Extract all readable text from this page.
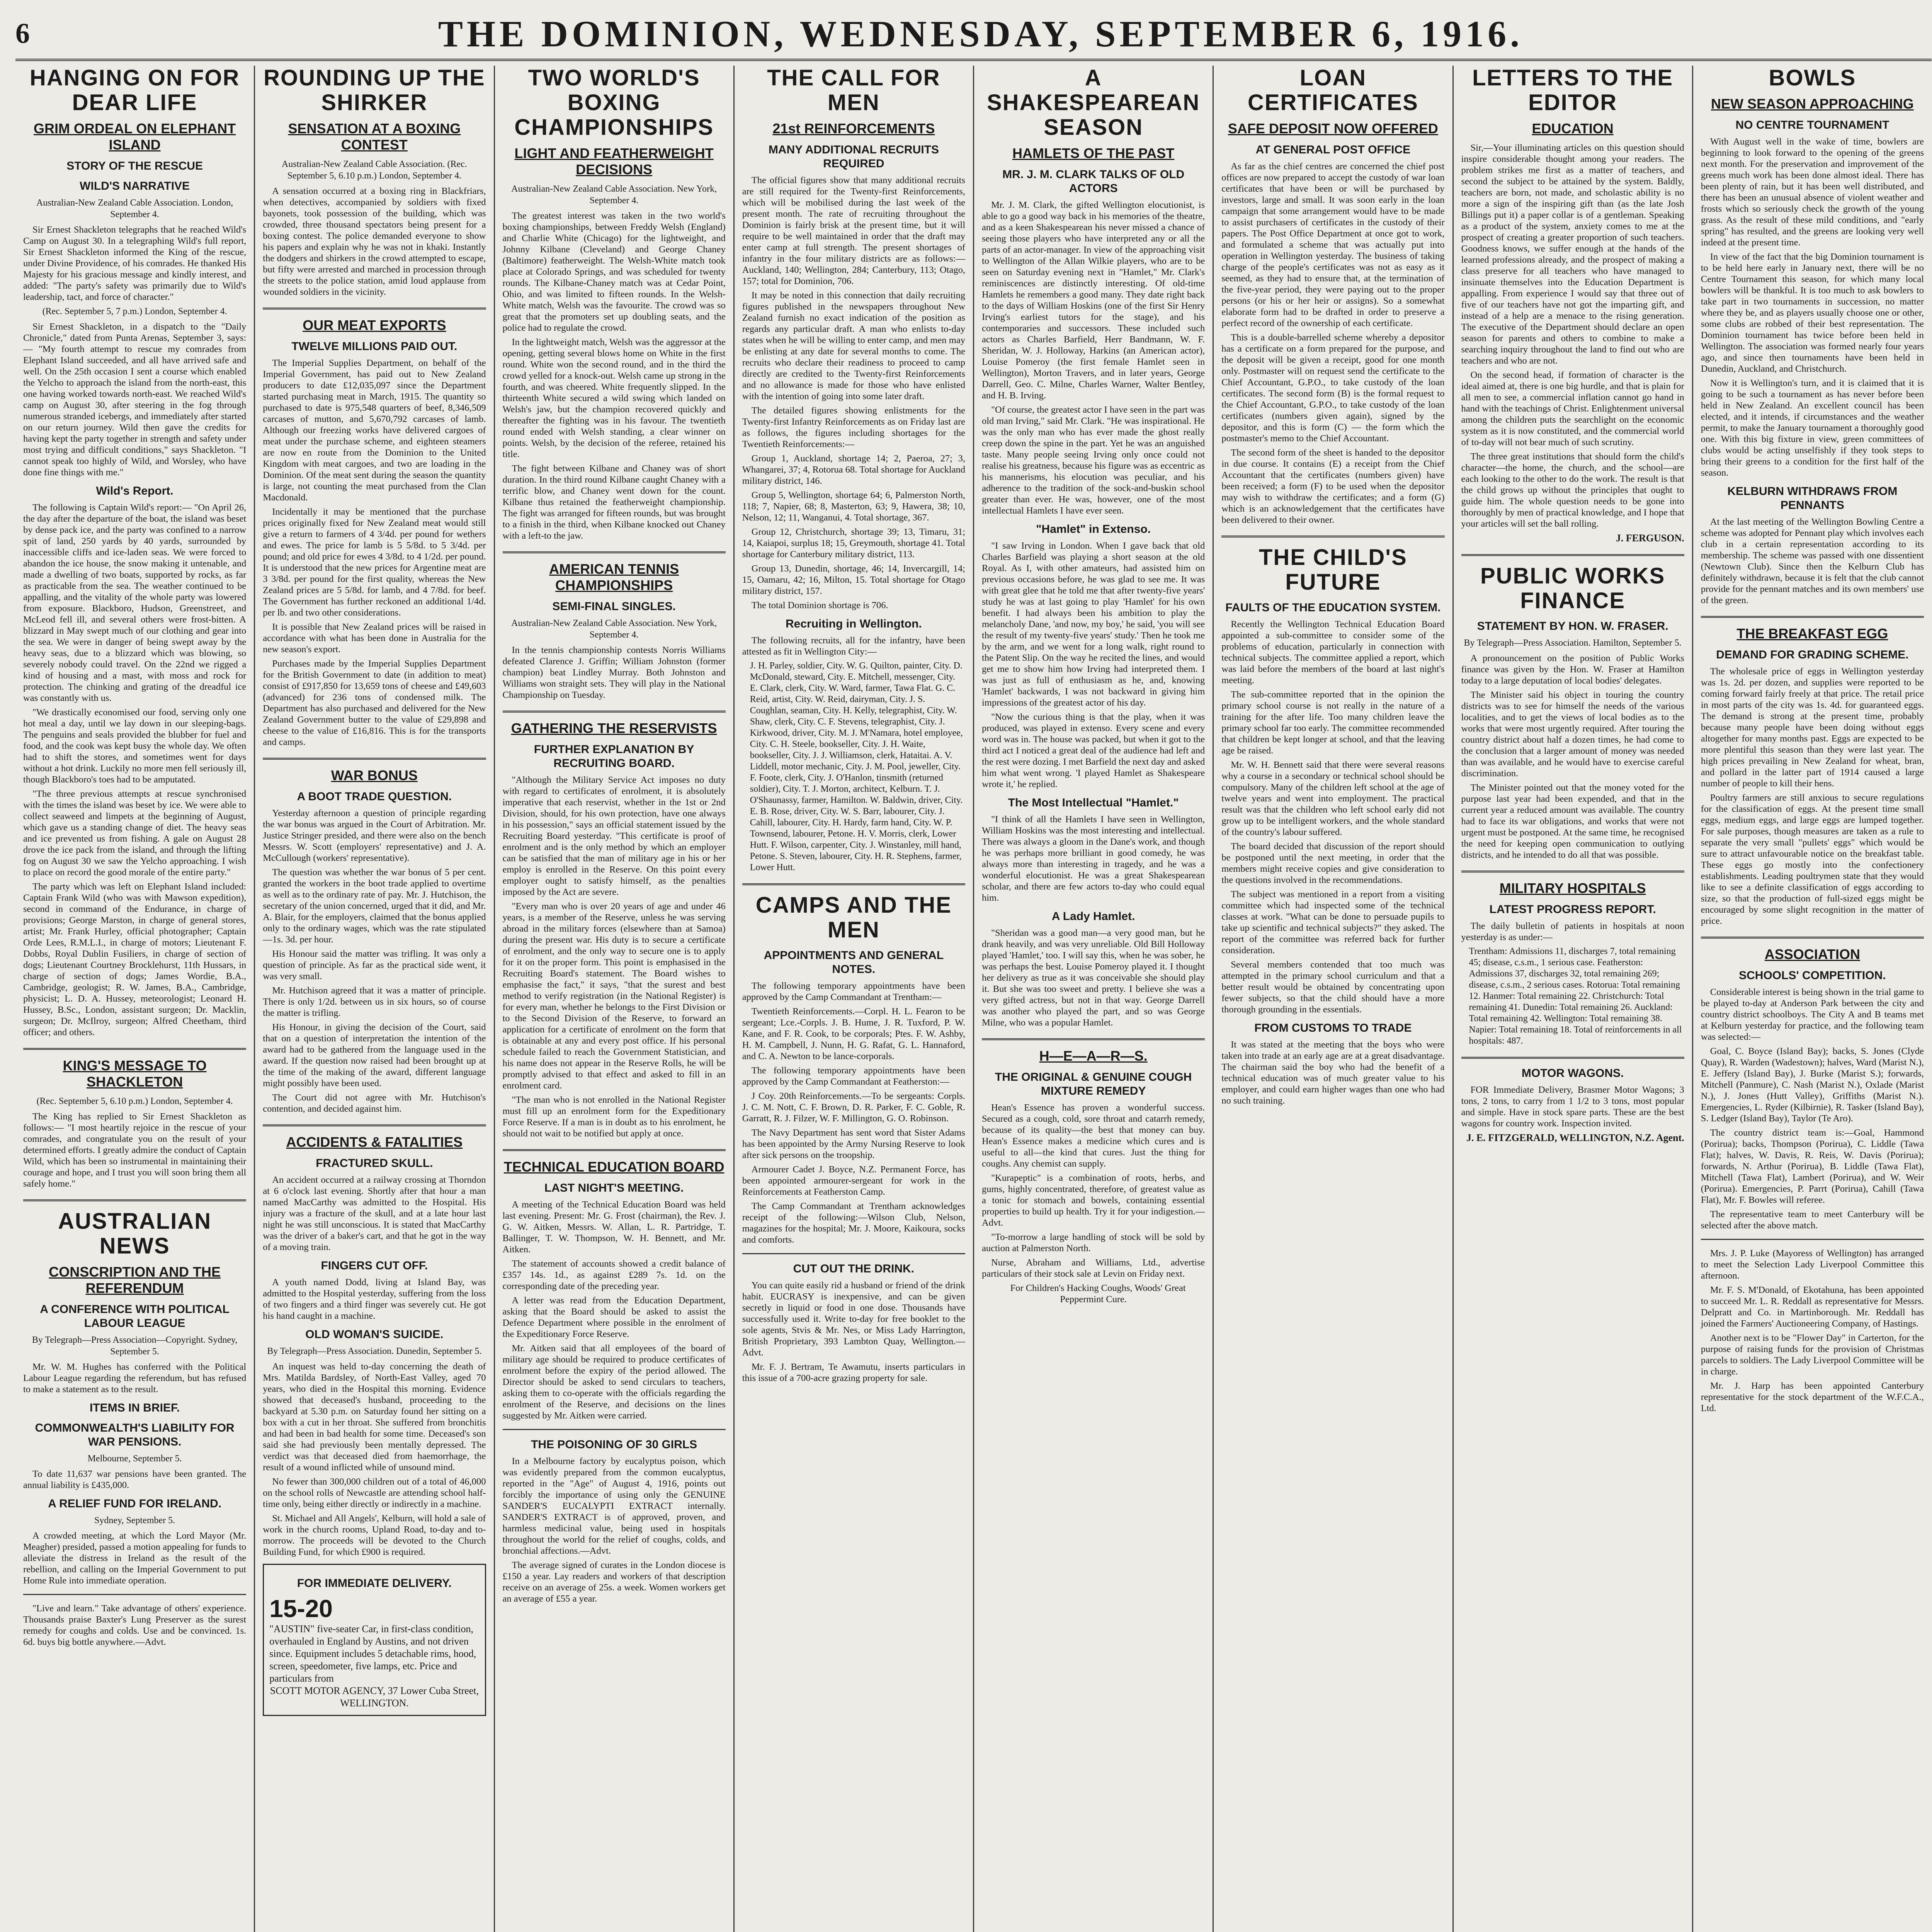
6	THE DOMINION, WEDNESDAY, SEPTEMBER 6, 1916.
HANGING ON FOR DEAR LIFE
GRIM ORDEAL ON ELEPHANT ISLAND
STORY OF THE RESCUE
WILD'S NARRATIVE
Australian-New Zealand Cable Association. London, September 4.

Sir Ernest Shackleton telegraphs that he reached Wild's Camp on August 30. In a telegraphing Wild's full report, Sir Ernest Shackleton informed the King of the rescue, under Divine Providence, of his comrades. He thanked His Majesty for his gracious message and kindly interest, and added: "The party's safety was primarily due to Wild's leadership, tact, and force of character."

(Rec. September 5, 7 p.m.) London, September 4.

Sir Ernest Shackleton, in a dispatch to the "Daily Chronicle," dated from Punta Arenas, September 3, says:— "My fourth attempt to rescue my comrades from Elephant Island succeeded, and all have arrived safe and well. On the 25th occasion I sent a course which enabled the Yelcho to approach the island from the north-east, this one having worked towards north-east. We reached Wild's camp on August 30, after steering in the fog through numerous stranded icebergs, and immediately after started on our return journey. Wild then gave the credits for having kept the party together in strength and safety under most trying and difficult conditions," says Shackleton. "I cannot speak too highly of Wild, and Worsley, who have done fine things with me."

Wild's Report.

The following is Captain Wild's report:— "On April 26, the day after the departure of the boat, the island was beset by dense pack ice, and the party was confined to a narrow spit of land, 250 yards by 40 yards, surrounded by inaccessible cliffs and ice-laden seas. We were forced to abandon the ice house, the snow making it untenable, and made a dwelling of two boats, supported by rocks, as far as practicable from the sea. The weather continued to be appalling, and the vitality of the whole party was lowered from exposure. Blackboro, Hudson, Greenstreet, and McLeod fell ill, and several others were frost-bitten. A blizzard in May swept much of our clothing and gear into the sea. We were in danger of being swept away by the heavy seas, due to a blizzard which was blowing, so severely nobody could travel. On the 22nd we rigged a kind of housing and a mast, with moss and rock for protection. The chinking and grating of the dreadful ice was constantly with us.

"We drastically economised our food, serving only one hot meal a day, until we lay down in our sleeping-bags. The penguins and seals provided the blubber for fuel and food, and the cook was kept busy the whole day. We often had to shift the stores, and sometimes went for days without a hot drink. Luckily no more men fell seriously ill, though Blackboro's toes had to be amputated.

"The three previous attempts at rescue synchronised with the times the island was beset by ice. We were able to collect seaweed and limpets at the beginning of August, which gave us a standing change of diet. The heavy seas and ice prevented us from fishing. A gale on August 28 drove the ice pack from the island, and through the lifting fog on August 30 we saw the Yelcho approaching. I wish to place on record the good morale of the entire party."

The party which was left on Elephant Island included: Captain Frank Wild (who was with Mawson expedition), second in command of the Endurance, in charge of provisions; George Marston, in charge of general stores, artist; Mr. Frank Hurley, official photographer; Captain Orde Lees, R.M.L.I., in charge of motors; Lieutenant F. Dobbs, Royal Dublin Fusiliers, in charge of section of dogs; Lieutenant Courtney Brocklehurst, 11th Hussars, in charge of section of dogs; James Wordie, B.A., Cambridge, geologist; R. W. James, B.A., Cambridge, physicist; L. D. A. Hussey, meteorologist; Leonard H. Hussey, B.Sc., London, assistant surgeon; Dr. Macklin, surgeon; Dr. McIlroy, surgeon; Alfred Cheetham, third officer; and others.

KING'S MESSAGE TO SHACKLETON
(Rec. September 5, 6.10 p.m.) London, September 4.

The King has replied to Sir Ernest Shackleton as follows:— "I most heartily rejoice in the rescue of your comrades, and congratulate you on the result of your determined efforts. I greatly admire the conduct of Captain Wild, which has been so instrumental in maintaining their courage and hope, and I trust you will soon bring them all safely home."

AUSTRALIAN NEWS
CONSCRIPTION AND THE REFERENDUM
A CONFERENCE WITH POLITICAL LABOUR LEAGUE
By Telegraph—Press Association—Copyright. Sydney, September 5.

Mr. W. M. Hughes has conferred with the Political Labour League regarding the referendum, but has refused to make a statement as to the result.

ITEMS IN BRIEF.
COMMONWEALTH'S LIABILITY FOR WAR PENSIONS.
Melbourne, September 5.

To date 11,637 war pensions have been granted. The annual liability is £435,000.

A RELIEF FUND FOR IRELAND.
Sydney, September 5.

A crowded meeting, at which the Lord Mayor (Mr. Meagher) presided, passed a motion appealing for funds to alleviate the distress in Ireland as the result of the rebellion, and calling on the Imperial Government to put Home Rule into immediate operation.

"Live and learn." Take advantage of others' experience. Thousands praise Baxter's Lung Preserver as the surest remedy for coughs and colds. Use and be convinced. 1s. 6d. buys big bottle anywhere.—Advt.

ROUNDING UP THE SHIRKER
SENSATION AT A BOXING CONTEST
Australian-New Zealand Cable Association. (Rec. September 5, 6.10 p.m.) London, September 4.

A sensation occurred at a boxing ring in Blackfriars, when detectives, accompanied by soldiers with fixed bayonets, took possession of the building, which was crowded, three thousand spectators being present for a boxing contest. The police demanded everyone to show his papers and explain why he was not in khaki. Instantly the dodgers and shirkers in the crowd attempted to escape, but fifty were arrested and marched in procession through the streets to the police station, amid loud applause from wounded soldiers in the vicinity.

OUR MEAT EXPORTS
TWELVE MILLIONS PAID OUT.

The Imperial Supplies Department, on behalf of the Imperial Government, has paid out to New Zealand producers to date £12,035,097 since the Department started purchasing meat in March, 1915. The quantity so purchased to date is 975,548 quarters of beef, 8,346,509 carcases of mutton, and 5,670,792 carcases of lamb. Although our freezing works have delivered cargoes of meat under the purchase scheme, and eighteen steamers are now en route from the Dominion to the United Kingdom with meat cargoes, and two are loading in the Dominion. Of the meat sent during the season the quantity is large, not counting the meat purchased from the Clan Macdonald.

Incidentally it may be mentioned that the purchase prices originally fixed for New Zealand meat would still give a return to farmers of 4 3/4d. per pound for wethers and ewes. The price for lamb is 5 5/8d. to 5 3/4d. per pound; and old price for ewes 4 3/8d. to 4 1/2d. per pound. It is understood that the new prices for Argentine meat are 3 3/8d. per pound for the first quality, whereas the New Zealand prices are 5 5/8d. for lamb, and 4 7/8d. for beef. The Government has further reckoned an additional 1/4d. per lb. and two other considerations.

It is possible that New Zealand prices will be raised in accordance with what has been done in Australia for the new season's export.

Purchases made by the Imperial Supplies Department for the British Government to date (in addition to meat) consist of £917,850 for 13,659 tons of cheese and £49,603 (advanced) for 236 tons of condensed milk. The Department has also purchased and delivered for the New Zealand Government butter to the value of £29,898 and cheese to the value of £16,816. This is for the transports and camps.

WAR BONUS
A BOOT TRADE QUESTION.

Yesterday afternoon a question of principle regarding the war bonus was argued in the Court of Arbitration. Mr. Justice Stringer presided, and there were also on the bench Messrs. W. Scott (employers' representative) and J. A. McCullough (workers' representative).

The question was whether the war bonus of 5 per cent. granted the workers in the boot trade applied to overtime as well as to the ordinary rate of pay. Mr. J. Hutchison, the secretary of the union concerned, urged that it did, and Mr. A. Blair, for the employers, claimed that the bonus applied only to the ordinary wages, which was the rate stipulated—1s. 3d. per hour.

His Honour said the matter was trifling. It was only a question of principle. As far as the practical side went, it was very small.

Mr. Hutchison agreed that it was a matter of principle. There is only 1/2d. between us in six hours, so of course the matter is trifling.

His Honour, in giving the decision of the Court, said that on a question of interpretation the intention of the award had to be gathered from the language used in the award. If the question now raised had been brought up at the time of the making of the award, different language might possibly have been used.

The Court did not agree with Mr. Hutchison's contention, and decided against him.

ACCIDENTS & FATALITIES
FRACTURED SKULL.

An accident occurred at a railway crossing at Thorndon at 6 o'clock last evening. Shortly after that hour a man named MacCarthy was admitted to the Hospital. His injury was a fracture of the skull, and at a late hour last night he was still unconscious. It is stated that MacCarthy was the driver of a baker's cart, and that he got in the way of a moving train.

FINGERS CUT OFF.

A youth named Dodd, living at Island Bay, was admitted to the Hospital yesterday, suffering from the loss of two fingers and a third finger was severely cut. He got his hand caught in a machine.

OLD WOMAN'S SUICIDE.
By Telegraph—Press Association. Dunedin, September 5.

An inquest was held to-day concerning the death of Mrs. Matilda Bardsley, of North-East Valley, aged 70 years, who died in the Hospital this morning. Evidence showed that deceased's husband, proceeding to the backyard at 5.30 p.m. on Saturday found her sitting on a box with a cut in her throat. She suffered from bronchitis and had been in bad health for some time. Deceased's son said she had previously been mentally depressed. The verdict was that deceased died from haemorrhage, the result of a wound inflicted while of unsound mind.

No fewer than 300,000 children out of a total of 46,000 on the school rolls of Newcastle are attending school half-time only, being either directly or indirectly in a machine.

St. Michael and All Angels', Kelburn, will hold a sale of work in the church rooms, Upland Road, to-day and to-morrow. The proceeds will be devoted to the Church Building Fund, for which £900 is required.

FOR IMMEDIATE DELIVERY.
15-20
"AUSTIN" five-seater Car, in first-class condition, overhauled in England by Austins, and not driven since. Equipment includes 5 detachable rims, hood, screen, speedometer, five lamps, etc. Price and particulars from
SCOTT MOTOR AGENCY, 37 Lower Cuba Street, WELLINGTON.
TWO WORLD'S BOXING CHAMPIONSHIPS
LIGHT AND FEATHERWEIGHT DECISIONS
Australian-New Zealand Cable Association. New York, September 4.

The greatest interest was taken in the two world's boxing championships, between Freddy Welsh (England) and Charlie White (Chicago) for the lightweight, and Johnny Kilbane (Cleveland) and George Chaney (Baltimore) featherweight. The Welsh-White match took place at Colorado Springs, and was scheduled for twenty rounds. The Kilbane-Chaney match was at Cedar Point, Ohio, and was limited to fifteen rounds. In the Welsh-White match, Welsh was the favourite. The crowd was so great that the promoters set up doubling seats, and the police had to regulate the crowd.

In the lightweight match, Welsh was the aggressor at the opening, getting several blows home on White in the first round. White won the second round, and in the third the crowd yelled for a knock-out. Welsh came up strong in the fourth, and was cheered. White frequently slipped. In the thirteenth White secured a wild swing which landed on Welsh's jaw, but the champion recovered quickly and thereafter the fighting was in his favour. The twentieth round ended with Welsh standing, a clear winner on points. Welsh, by the decision of the referee, retained his title.

The fight between Kilbane and Chaney was of short duration. In the third round Kilbane caught Chaney with a terrific blow, and Chaney went down for the count. Kilbane thus retained the featherweight championship. The fight was arranged for fifteen rounds, but was brought to a finish in the third, when Kilbane knocked out Chaney with a left-to the jaw.

AMERICAN TENNIS CHAMPIONSHIPS
SEMI-FINAL SINGLES.
Australian-New Zealand Cable Association. New York, September 4.

In the tennis championship contests Norris Williams defeated Clarence J. Griffin; William Johnston (former champion) beat Lindley Murray. Both Johnston and Williams won straight sets. They will play in the National Championship on Tuesday.

GATHERING THE RESERVISTS
FURTHER EXPLANATION BY RECRUITING BOARD.

"Although the Military Service Act imposes no duty with regard to certificates of enrolment, it is absolutely imperative that each reservist, whether in the 1st or 2nd Division, should, for his own protection, have one always in his possession," says an official statement issued by the Recruiting Board yesterday. "This certificate is proof of enrolment and is the only method by which an employer can be satisfied that the man of military age in his or her employ is enrolled in the Reserve. On this point every employer ought to satisfy himself, as the penalties imposed by the Act are severe.

"Every man who is over 20 years of age and under 46 years, is a member of the Reserve, unless he was serving abroad in the military forces (elsewhere than at Samoa) during the present war. His duty is to secure a certificate of enrolment, and the only way to secure one is to apply for it on the proper form. This point is emphasised in the Recruiting Board's statement. The Board wishes to emphasise the fact," it says, "that the surest and best method to verify registration (in the National Register) is for every man, whether he belongs to the First Division or to the Second Division of the Reserve, to forward an application for a certificate of enrolment on the form that is obtainable at any and every post office. If his personal schedule failed to reach the Government Statistician, and his name does not appear in the Reserve Rolls, he will be promptly advised to that effect and asked to fill in an enrolment card.

"The man who is not enrolled in the National Register must fill up an enrolment form for the Expeditionary Force Reserve. If a man is in doubt as to his enrolment, he should not wait to be notified but apply at once.

TECHNICAL EDUCATION BOARD
LAST NIGHT'S MEETING.

A meeting of the Technical Education Board was held last evening. Present: Mr. G. Frost (chairman), the Rev. J. G. W. Aitken, Messrs. W. Allan, L. R. Partridge, T. Ballinger, T. W. Thompson, W. H. Bennett, and Mr. Aitken.

The statement of accounts showed a credit balance of £357 14s. 1d., as against £289 7s. 1d. on the corresponding date of the preceding year.

A letter was read from the Education Department, asking that the Board should be asked to assist the Defence Department where possible in the enrolment of the Expeditionary Force Reserve.

Mr. Aitken said that all employees of the board of military age should be required to produce certificates of enrolment before the expiry of the period allowed. The Director should be asked to send circulars to teachers, asking them to co-operate with the officials regarding the enrolment of the Reserve, and decisions on the lines suggested by Mr. Aitken were carried.

THE POISONING OF 30 GIRLS

In a Melbourne factory by eucalyptus poison, which was evidently prepared from the common eucalyptus, reported in the "Age" of August 4, 1916, points out forcibly the importance of using only the GENUINE SANDER'S EUCALYPTI EXTRACT internally. SANDER'S EXTRACT is of approved, proven, and harmless medicinal value, being used in hospitals throughout the world for the relief of coughs, colds, and bronchial affections.—Advt.

The average signed of curates in the London diocese is £150 a year. Lay readers and workers of that description receive on an average of 25s. a week. Women workers get an average of £55 a year.

THE CALL FOR MEN
21st REINFORCEMENTS
MANY ADDITIONAL RECRUITS REQUIRED

The official figures show that many additional recruits are still required for the Twenty-first Reinforcements, which will be mobilised during the last week of the present month. The rate of recruiting throughout the Dominion is fairly brisk at the present time, but it will require to be well maintained in order that the draft may enter camp at full strength. The present shortages of infantry in the four military districts are as follows:—Auckland, 140; Wellington, 284; Canterbury, 113; Otago, 157; total for Dominion, 706.

It may be noted in this connection that daily recruiting figures published in the newspapers throughout New Zealand furnish no exact indication of the position as regards any particular draft. A man who enlists to-day states when he will be willing to enter camp, and men may be enlisting at any date for several months to come. The recruits who declare their readiness to proceed to camp directly are credited to the Twenty-first Reinforcements and no allowance is made for those who have enlisted with the intention of going into some later draft.

The detailed figures showing enlistments for the Twenty-first Infantry Reinforcements as on Friday last are as follows, the figures including shortages for the Twentieth Reinforcements:—

Group 1, Auckland, shortage 14; 2, Paeroa, 27; 3, Whangarei, 37; 4, Rotorua 68. Total shortage for Auckland military district, 146.

Group 5, Wellington, shortage 64; 6, Palmerston North, 118; 7, Napier, 68; 8, Masterton, 63; 9, Hawera, 38; 10, Nelson, 12; 11, Wanganui, 4. Total shortage, 367.

Group 12, Christchurch, shortage 39; 13, Timaru, 31; 14, Kaiapoi, surplus 18; 15, Greymouth, shortage 41. Total shortage for Canterbury military district, 113.

Group 13, Dunedin, shortage, 46; 14, Invercargill, 14; 15, Oamaru, 42; 16, Milton, 15. Total shortage for Otago military district, 157.

The total Dominion shortage is 706.

Recruiting in Wellington.

The following recruits, all for the infantry, have been attested as fit in Wellington City:—

J. H. Parley, soldier, City. W. G. Quilton, painter, City. D. McDonald, steward, City. E. Mitchell, messenger, City. E. Clark, clerk, City. W. Ward, farmer, Tawa Flat. G. C. Reid, artist, City. W. Reid, dairyman, City. J. S. Coughlan, seaman, City. H. Kelly, telegraphist, City. W. Shaw, clerk, City. C. F. Stevens, telegraphist, City. J. Kirkwood, driver, City. M. J. M'Namara, hotel employee, City. C. H. Steele, bookseller, City. J. H. Waite, bookseller, City. J. J. Williamson, clerk, Hataitai. A. V. Liddell, motor mechanic, City. J. M. Pool, jeweller, City. F. Foote, clerk, City. J. O'Hanlon, tinsmith (returned soldier), City. T. J. Morton, architect, Kelburn. T. J. O'Shaunassy, farmer, Hamilton. W. Baldwin, driver, City. E. B. Rose, driver, City. W. S. Barr, labourer, City. J. Cahill, labourer, City. H. Hardy, farm hand, City. W. P. Townsend, labourer, Petone. H. V. Morris, clerk, Lower Hutt. F. Wilson, carpenter, City. J. Winstanley, mill hand, Petone. S. Steven, labourer, City. H. R. Stephens, farmer, Lower Hutt.

CAMPS AND THE MEN
APPOINTMENTS AND GENERAL NOTES.

The following temporary appointments have been approved by the Camp Commandant at Trentham:—

Twentieth Reinforcements.—Corpl. H. L. Fearon to be sergeant; Lce.-Corpls. J. B. Hume, J. R. Tuxford, P. W. Kane, and F. R. Cook, to be corporals; Ptes. F. W. Ashby, H. M. Campbell, J. Nunn, H. G. Rafat, G. L. Hannaford, and C. A. Newton to be lance-corporals.

The following temporary appointments have been approved by the Camp Commandant at Featherston:—

J Coy. 20th Reinforcements.—To be sergeants: Corpls. J. C. M. Nott, C. F. Brown, D. R. Parker, F. C. Goble, R. Garratt, R. J. Filzer, W. F. Millington, G. O. Robinson.

The Navy Department has sent word that Sister Adams has been appointed by the Army Nursing Reserve to look after sick persons on the troopship.

Armourer Cadet J. Boyce, N.Z. Permanent Force, has been appointed armourer-sergeant for work in the Reinforcements at Featherston Camp.

The Camp Commandant at Trentham acknowledges receipt of the following:—Wilson Club, Nelson, magazines for the hospital; Mr. J. Moore, Kaikoura, socks and comforts.

CUT OUT THE DRINK.

You can quite easily rid a husband or friend of the drink habit. EUCRASY is inexpensive, and can be given secretly in liquid or food in one dose. Thousands have successfully used it. Write to-day for free booklet to the sole agents, Stvis & Mr. Nes, or Miss Lady Harrington, British Proprietary, 393 Lambton Quay, Wellington.—Advt.

Mr. F. J. Bertram, Te Awamutu, inserts particulars in this issue of a 700-acre grazing property for sale.

A SHAKESPEAREAN SEASON
HAMLETS OF THE PAST
MR. J. M. CLARK TALKS OF OLD ACTORS

Mr. J. M. Clark, the gifted Wellington elocutionist, is able to go a good way back in his memories of the theatre, and as a keen Shakespearean his never missed a chance of seeing those players who have interpreted any or all the parts of an actor-manager. In view of the approaching visit to Wellington of the Allan Wilkie players, who are to be seen on Saturday evening next in "Hamlet," Mr. Clark's reminiscences are distinctly interesting. Of old-time Hamlets he remembers a good many. They date right back to the days of William Hoskins (one of the first Sir Henry Irving's earliest tutors for the stage), and his contemporaries and successors. These included such actors as Charles Barfield, Herr Bandmann, W. F. Sheridan, W. J. Holloway, Harkins (an American actor), Louise Pomeroy (the first female Hamlet seen in Wellington), Morton Travers, and in later years, George Darrell, Geo. C. Milne, Charles Warner, Walter Bentley, and H. B. Irving.

"Of course, the greatest actor I have seen in the part was old man Irving," said Mr. Clark. "He was inspirational. He was the only man who has ever made the ghost really creep down the spine in the part. Yet he was an anguished taste. Many people seeing Irving only once could not realise his greatness, because his figure was as eccentric as his mannerisms, his elocution was peculiar, and his adherence to the tradition of the sock-and-buskin school greater than ever. He was, however, one of the most intellectual Hamlets I have ever seen.

"Hamlet" in Extenso.

"I saw Irving in London. When I gave back that old Charles Barfield was playing a short season at the old Royal. As I, with other amateurs, had assisted him on previous occasions before, he was glad to see me. It was with great glee that he told me that after twenty-five years' study he was at last going to play 'Hamlet' for his own benefit. I had always been his ambition to play the melancholy Dane, 'and now, my boy,' he said, 'you will see the result of my twenty-five years' study.' Then he took me by the arm, and we went for a long walk, right round to the Patent Slip. On the way he recited the lines, and would get me to show him how Irving had interpreted them. I was just as full of enthusiasm as he, and, knowing 'Hamlet' backwards, I was not backward in giving him impressions of the greatest actor of his day.

"Now the curious thing is that the play, when it was produced, was played in extenso. Every scene and every word was in. The house was packed, but when it got to the third act I noticed a great deal of the audience had left and the rest were dozing. I met Barfield the next day and asked him what went wrong. 'I played Hamlet as Shakespeare wrote it,' he replied.

The Most Intellectual "Hamlet."

"I think of all the Hamlets I have seen in Wellington, William Hoskins was the most interesting and intellectual. There was always a gloom in the Dane's work, and though he was perhaps more brilliant in good comedy, he was always more than interesting in tragedy, and he was a wonderful elocutionist. He was a great Shakespearean scholar, and there are few actors to-day who could equal him.

A Lady Hamlet.

"Sheridan was a good man—a very good man, but he drank heavily, and was very unreliable. Old Bill Holloway played 'Hamlet,' too. I will say this, when he was sober, he was perhaps the best. Louise Pomeroy played it. I thought her delivery as true as it was conceivable she should play it. But she was too sweet and pretty. I believe she was a very gifted actress, but not in that way. George Darrell was another who played the part, and so was George Milne, who was a popular Hamlet.

H—E—A—R—S.
THE ORIGINAL & GENUINE COUGH MIXTURE REMEDY

Hean's Essence has proven a wonderful success. Secured as a cough, cold, sore throat and catarrh remedy, because of its quality—the best that money can buy. Hean's Essence makes a medicine which cures and is useful to all—the kind that cures. Just the thing for coughs. Any chemist can supply.

"Kurapeptic" is a combination of roots, herbs, and gums, highly concentrated, therefore, of greatest value as a tonic for stomach and bowels, containing essential properties to build up health. Try it for your indigestion.—Advt.

"To-morrow a large handling of stock will be sold by auction at Palmerston North.

Nurse, Abraham and Williams, Ltd., advertise particulars of their stock sale at Levin on Friday next.

For Children's Hacking Coughs, Woods' Great Peppermint Cure.

LOAN CERTIFICATES
SAFE DEPOSIT NOW OFFERED
AT GENERAL POST OFFICE

As far as the chief centres are concerned the chief post offices are now prepared to accept the custody of war loan certificates that have been or will be purchased by investors, large and small. It was soon early in the loan campaign that some arrangement would have to be made to assist purchasers of certificates in the custody of their papers. The Post Office Department at once got to work, and formulated a scheme that was actually put into operation in Wellington yesterday. The business of taking charge of the people's certificates was not as easy as it seemed, as they had to ensure that, at the termination of the five-year period, they were paying out to the proper persons (or his or her heir or assigns). So a somewhat elaborate form had to be drafted in order to preserve a perfect record of the ownership of each certificate.

This is a double-barrelled scheme whereby a depositor has a certificate on a form prepared for the purpose, and the deposit will be given a receipt, good for one month only. Postmaster will on request send the certificate to the Chief Accountant, G.P.O., to take custody of the loan certificates. The second form (B) is the formal request to the Chief Accountant, G.P.O., to take custody of the loan certificates (numbers given again), signed by the depositor, and this is form (C) — the form which the postmaster's memo to the Chief Accountant.

The second form of the sheet is handed to the depositor in due course. It contains (E) a receipt from the Chief Accountant that the certificates (numbers given) have been received; a form (F) to be used when the depositor may wish to withdraw the certificates; and a form (G) which is an acknowledgement that the certificates have been delivered to their owner.

THE CHILD'S FUTURE
FAULTS OF THE EDUCATION SYSTEM.

Recently the Wellington Technical Education Board appointed a sub-committee to consider some of the problems of education, particularly in connection with technical subjects. The committee applied a report, which was laid before the members of the board at last night's meeting.

The sub-committee reported that in the opinion the primary school course is not really in the nature of a training for the after life. Too many children leave the primary school far too early. The committee recommended that children be kept longer at school, and that the leaving age be raised.

Mr. W. H. Bennett said that there were several reasons why a course in a secondary or technical school should be compulsory. Many of the children left school at the age of twelve years and went into employment. The practical result was that the children who left school early did not grow up to be intelligent workers, and the whole standard of the country's labour suffered.

The board decided that discussion of the report should be postponed until the next meeting, in order that the members might receive copies and give consideration to the questions involved in the recommendations.

The subject was mentioned in a report from a visiting committee which had inspected some of the technical classes at work. "What can be done to persuade pupils to take up scientific and technical subjects?" they asked. The report of the committee was referred back for further consideration.

Several members contended that too much was attempted in the primary school curriculum and that a better result would be obtained by concentrating upon fewer subjects, so that the child should have a more thorough grounding in the essentials.

FROM CUSTOMS TO TRADE

It was stated at the meeting that the boys who were taken into trade at an early age are at a great disadvantage. The chairman said the boy who had the benefit of a technical education was of much greater value to his employer, and could earn higher wages than one who had no such training.

LETTERS TO THE EDITOR
EDUCATION

Sir,—Your illuminating articles on this question should inspire considerable thought among your readers. The problem strikes me first as a matter of teachers, and second the subject to be attained by the system. Baldly, teachers are born, not made, and scholastic ability is no more a sign of the inspiring gift than (as the late Josh Billings put it) a paper collar is of a gentleman. Speaking as a product of the system, anxiety comes to me at the prospect of creating a greater proportion of such teachers. Goodness knows, we suffer enough at the hands of the learned professions already, and the prospect of making a class preserve for all teachers who have managed to insinuate themselves into the Education Department is appalling. From experience I would say that three out of five of our teachers have not got the imparting gift, and instead of a help are a menace to the rising generation. The executive of the Department should declare an open season for parents and others to combine to make a searching inquiry throughout the land to find out who are teachers and who are not.

On the second head, if formation of character is the ideal aimed at, there is one big hurdle, and that is plain for all men to see, a commercial inflation cannot go hand in hand with the teachings of Christ. Enlightenment universal among the children puts the searchlight on the economic system as it is now constituted, and the commercial world of to-day will not bear much of such scrutiny.

The three great institutions that should form the child's character—the home, the church, and the school—are each looking to the other to do the work. The result is that the child grows up without the principles that ought to guide him. The whole question needs to be gone into thoroughly by men of practical knowledge, and I hope that your articles will set the ball rolling.

J. FERGUSON.
PUBLIC WORKS FINANCE
STATEMENT BY HON. W. FRASER.
By Telegraph—Press Association. Hamilton, September 5.

A pronouncement on the position of Public Works finance was given by the Hon. W. Fraser at Hamilton today to a large deputation of local bodies' delegates.

The Minister said his object in touring the country districts was to see for himself the needs of the various localities, and to get the views of local bodies as to the works that were most urgently required. After touring the country district about half a dozen times, he had come to the conclusion that a larger amount of money was needed than was available, and he would have to exercise careful discrimination.

The Minister pointed out that the money voted for the purpose last year had been expended, and that in the current year a reduced amount was available. The country had to face its war obligations, and works that were not urgent must be postponed. At the same time, he recognised the need for keeping open communication to outlying districts, and he intended to do all that was possible.

MILITARY HOSPITALS
LATEST PROGRESS REPORT.

The daily bulletin of patients in hospitals at noon yesterday is as under:—

Trentham: Admissions 11, discharges 7, total remaining 45; disease, c.s.m., 1 serious case. Featherston: Admissions 37, discharges 32, total remaining 269; disease, c.s.m., 2 serious cases. Rotorua: Total remaining 12. Hanmer: Total remaining 22. Christchurch: Total remaining 41. Dunedin: Total remaining 26. Auckland: Total remaining 42. Wellington: Total remaining 38. Napier: Total remaining 18. Total of reinforcements in all hospitals: 487.

MOTOR WAGONS.

FOR Immediate Delivery, Brasmer Motor Wagons; 3 tons, 2 tons, to carry from 1 1/2 to 3 tons, most popular and simple. Have in stock spare parts. These are the best wagons for country work. Inspection invited.

J. E. FITZGERALD, WELLINGTON, N.Z. Agent.
BOWLS
NEW SEASON APPROACHING
NO CENTRE TOURNAMENT

With August well in the wake of time, bowlers are beginning to look forward to the opening of the greens next month. For the preservation and improvement of the greens much work has been done almost ideal. There has been plenty of rain, but it has been well distributed, and there has been an unusual absence of violent weather and frosts which so seriously check the growth of the young grass. As the result of these mild conditions, and "early spring" has resulted, and the greens are looking very well indeed at the present time.

In view of the fact that the big Dominion tournament is to be held here early in January next, there will be no Centre Tournament this season, for which many local bowlers will be thankful. It is too much to ask bowlers to take part in two tournaments in succession, no matter where they be, and as players usually choose one or other, some clubs are robbed of their best representation. The Dominion tournament has twice before been held in Wellington. The association was formed nearly four years ago, and since then tournaments have been held in Dunedin, Auckland, and Christchurch.

Now it is Wellington's turn, and it is claimed that it is going to be such a tournament as has never before been held in New Zealand. An excellent council has been elected, and it intends, if circumstances and the weather permit, to make the January tournament a thoroughly good one. With this big fixture in view, green committees of clubs would be acting unselfishly if they took steps to bring their greens to a condition for the first half of the season.

KELBURN WITHDRAWS FROM PENNANTS

At the last meeting of the Wellington Bowling Centre a scheme was adopted for Pennant play which involves each club in a certain representation according to its membership. The scheme was passed with one dissentient (Newtown Club). Since then the Kelburn Club has definitely withdrawn, because it is felt that the club cannot provide for the pennant matches and its own members' use of the green.

THE BREAKFAST EGG
DEMAND FOR GRADING SCHEME.

The wholesale price of eggs in Wellington yesterday was 1s. 2d. per dozen, and supplies were reported to be coming forward fairly freely at that price. The retail price in most parts of the city was 1s. 4d. for guaranteed eggs. The demand is strong at the present time, probably because many people have been doing without eggs altogether for many months past. Eggs are expected to be more plentiful this season than they were last year. The high prices prevailing in New Zealand for wheat, bran, and pollard in the latter part of 1914 caused a large number of people to kill their hens.

Poultry farmers are still anxious to secure regulations for the classification of eggs. At the present time small eggs, medium eggs, and large eggs are lumped together. For sale purposes, though measures are taken as a rule to separate the very small "pullets' eggs" which would be sure to attract unfavourable notice on the breakfast table. These eggs go mostly into the confectionery establishments. Leading poultrymen state that they would like to see a definite classification of eggs according to size, so that the production of full-sized eggs might be encouraged by some slight recognition in the matter of price.

ASSOCIATION
SCHOOLS' COMPETITION.

Considerable interest is being shown in the trial game to be played to-day at Anderson Park between the city and country district schoolboys. The City A and B teams met at Kelburn yesterday for practice, and the following team was selected:—

Goal, C. Boyce (Island Bay); backs, S. Jones (Clyde Quay), R. Warden (Wadestown); halves, Ward (Marist N.), E. Jeffery (Island Bay), J. Burke (Marist S.); forwards, Mitchell (Panmure), C. Nash (Marist N.), Oxlade (Marist N.), J. Jones (Hutt Valley), Griffiths (Marist N.). Emergencies, L. Ryder (Kilbirnie), R. Tasker (Island Bay), S. Ledger (Island Bay), Taylor (Te Aro).

The country district team is:—Goal, Hammond (Porirua); backs, Thompson (Porirua), C. Liddle (Tawa Flat); halves, W. Davis, R. Reis, W. Davis (Porirua); forwards, N. Arthur (Porirua), B. Liddle (Tawa Flat), Mitchell (Tawa Flat), Lambert (Porirua), and W. Weir (Porirua). Emergencies, P. Parrt (Porirua), Cahill (Tawa Flat), Mr. F. Bowles will referee.

The representative team to meet Canterbury will be selected after the above match.

Mrs. J. P. Luke (Mayoress of Wellington) has arranged to meet the Selection Lady Liverpool Committee this afternoon.

Mr. F. S. M'Donald, of Ekotahuna, has been appointed to succeed Mr. L. R. Reddall as representative for Messrs. Delpratt and Co. in Martinborough. Mr. Reddall has joined the Farmers' Auctioneering Company, of Hastings.

Another next is to be "Flower Day" in Carterton, for the purpose of raising funds for the provision of Christmas parcels to soldiers. The Lady Liverpool Committee will be in charge.

Mr. J. Harp has been appointed Canterbury representative for the stock department of the W.F.C.A., Ltd.
